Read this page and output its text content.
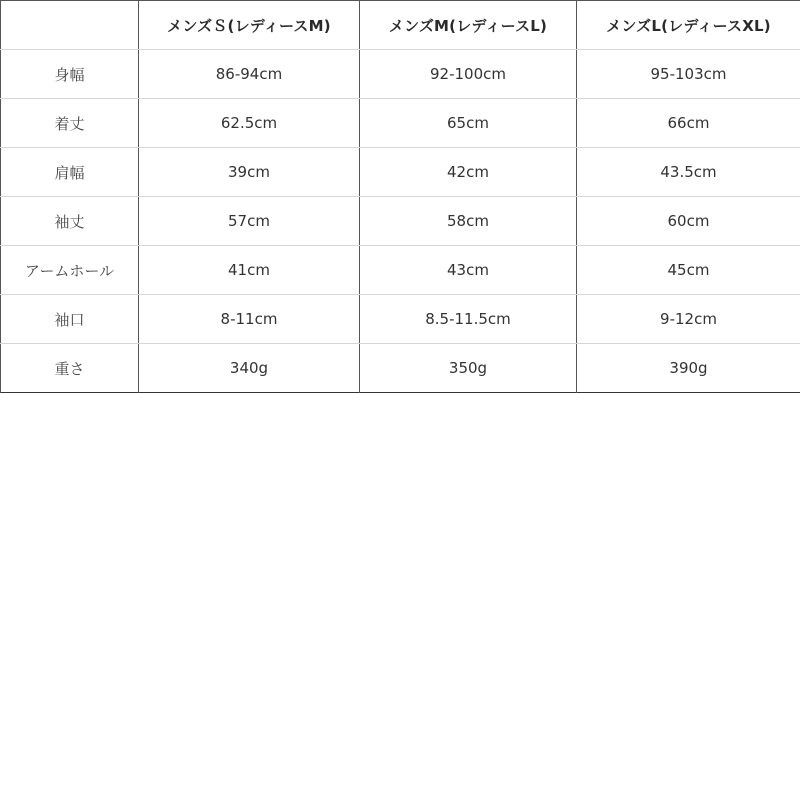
	メンズＳ(レディースM)	メンズM(レディースL)	メンズL(レディースXL)
身幅	86-94cm	92-100cm	95-103cm
着丈	62.5cm	65cm	66cm
肩幅	39cm	42cm	43.5cm
袖丈	57cm	58cm	60cm
アームホール	41cm	43cm	45cm
袖口	8-11cm	8.5-11.5cm	9-12cm
重さ	340g	350g	390g
